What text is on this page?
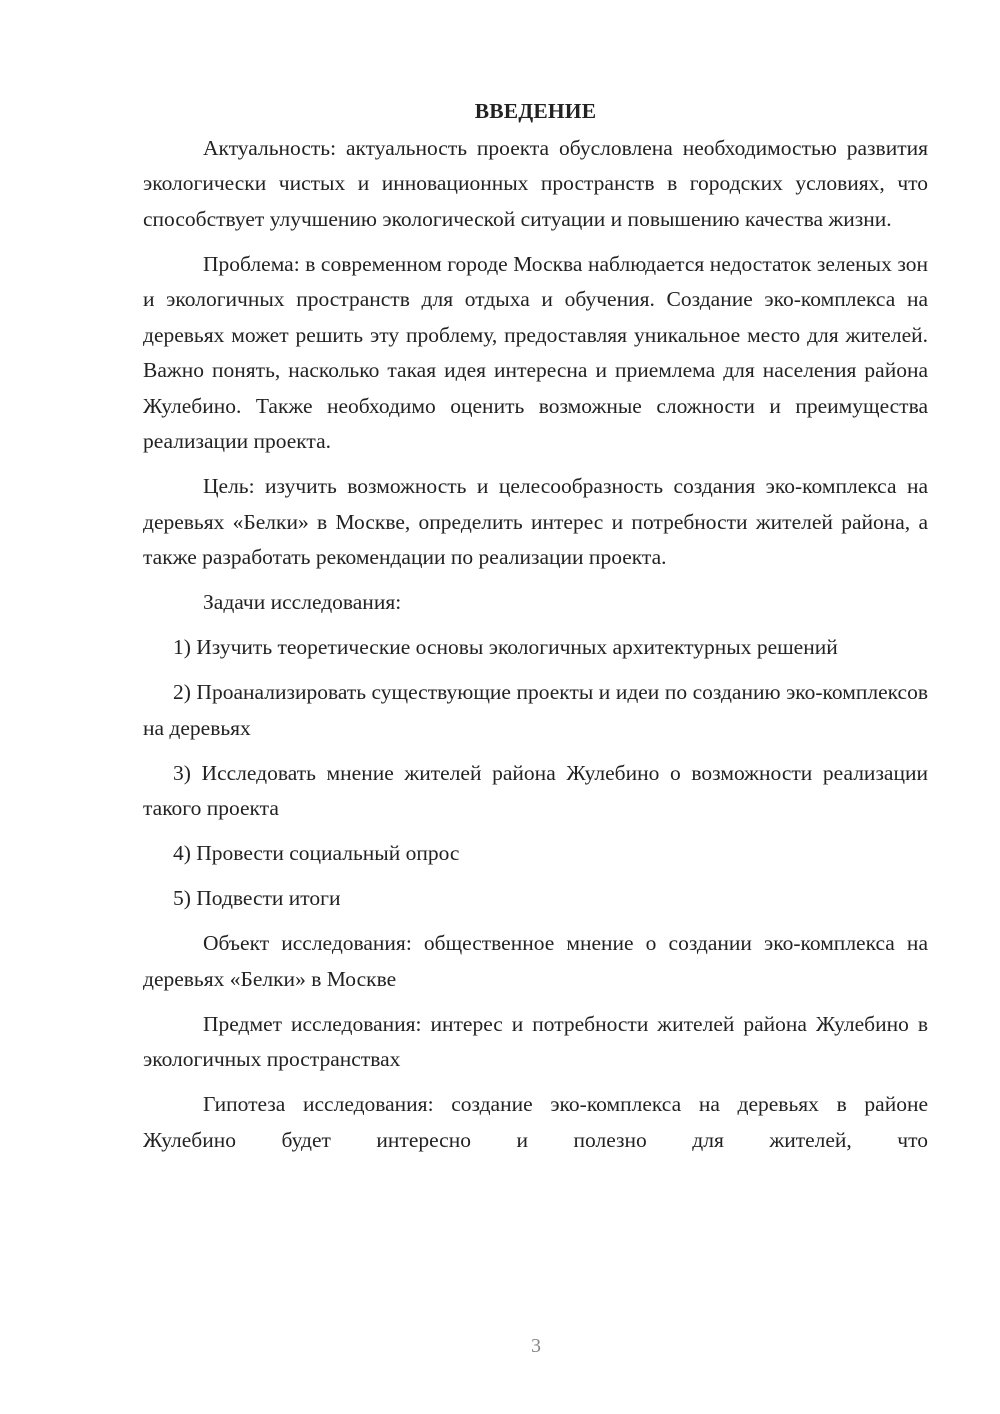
ВВЕДЕНИЕ

Актуальность: актуальность проекта обусловлена необходимостью развития экологически чистых и инновационных пространств в городских условиях, что способствует улучшению экологической ситуации и повышению качества жизни.

Проблема: в современном городе Москва наблюдается недостаток зеленых зон и экологичных пространств для отдыха и обучения. Создание эко-комплекса на деревьях может решить эту проблему, предоставляя уникальное место для жителей. Важно понять, насколько такая идея интересна и приемлема для населения района Жулебино. Также необходимо оценить возможные сложности и преимущества реализации проекта.

Цель: изучить возможность и целесообразность создания эко-комплекса на деревьях «Белки» в Москве, определить интерес и потребности жителей района, а также разработать рекомендации по реализации проекта.

Задачи исследования:

1) Изучить теоретические основы экологичных архитектурных решений

2) Проанализировать существующие проекты и идеи по созданию эко-комплексов на деревьях

3) Исследовать мнение жителей района Жулебино о возможности реализации такого проекта

4) Провести социальный опрос

5) Подвести итоги

Объект исследования: общественное мнение о создании эко-комплекса на деревьях «Белки» в Москве

Предмет исследования: интерес и потребности жителей района Жулебино в экологичных пространствах

Гипотеза исследования: создание эко-комплекса на деревьях в районе Жулебино будет интересно и полезно для жителей, что

3
